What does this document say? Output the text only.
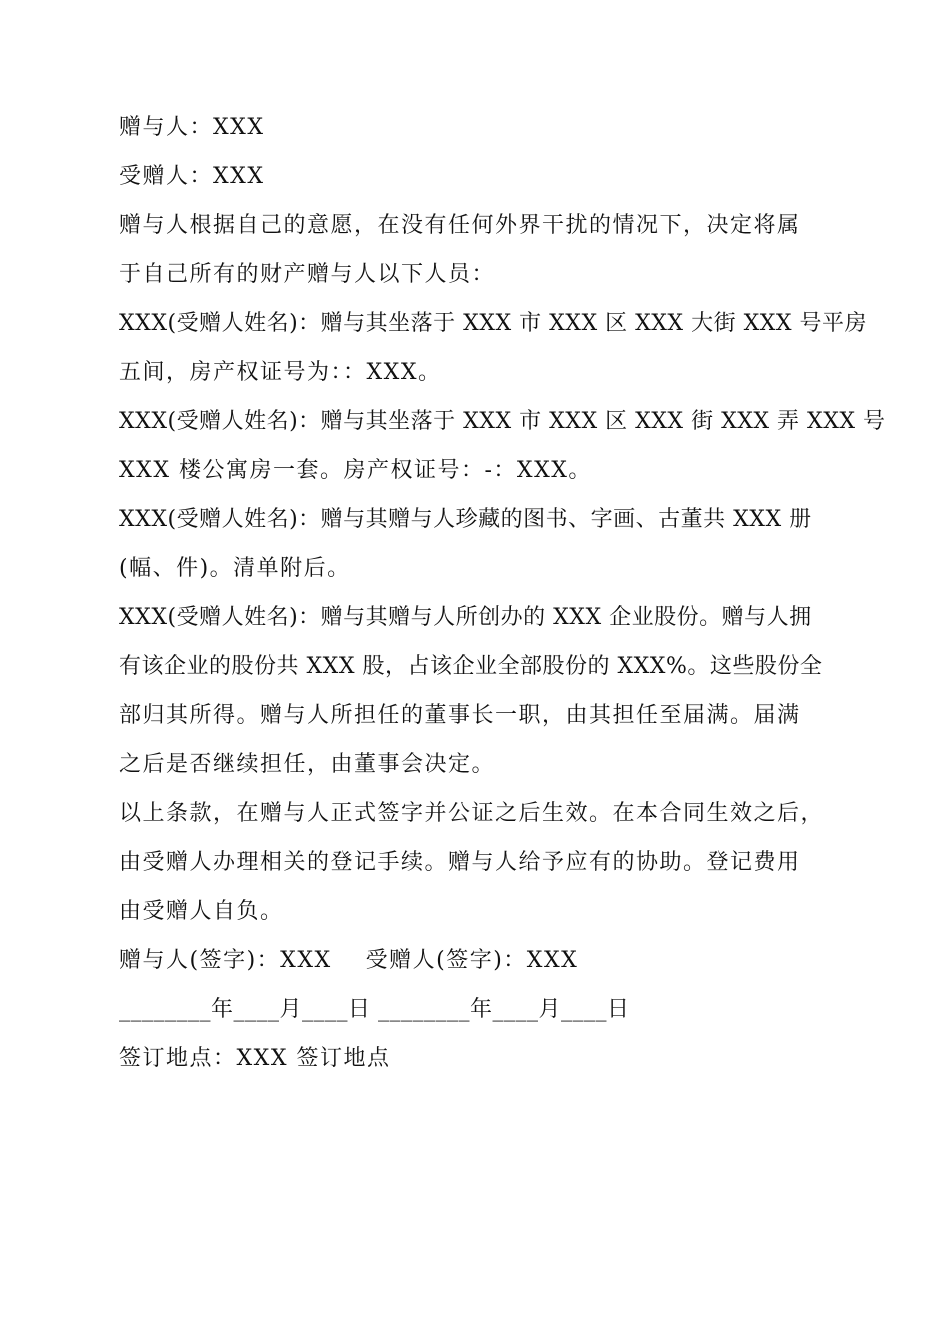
赠与人：XXX
受赠人：XXX
赠与人根据自己的意愿，在没有任何外界干扰的情况下，决定将属
于自己所有的财产赠与人以下人员：
XXX(受赠人姓名)：赠与其坐落于 XXX 市 XXX 区 XXX 大街 XXX 号平房
五间，房产权证号为：：XXX。
XXX(受赠人姓名)：赠与其坐落于 XXX 市 XXX 区 XXX 街 XXX 弄 XXX 号
XXX 楼公寓房一套。房产权证号：-：XXX。
XXX(受赠人姓名)：赠与其赠与人珍藏的图书、字画、古董共 XXX 册
(幅、件)。清单附后。
XXX(受赠人姓名)：赠与其赠与人所创办的 XXX 企业股份。赠与人拥
有该企业的股份共 XXX 股，占该企业全部股份的 XXX%。这些股份全
部归其所得。赠与人所担任的董事长一职，由其担任至届满。届满
之后是否继续担任，由董事会决定。
以上条款，在赠与人正式签字并公证之后生效。在本合同生效之后，
由受赠人办理相关的登记手续。赠与人给予应有的协助。登记费用
由受赠人自负。
赠与人(签字)：XXX    受赠人(签字)：XXX
________年____月____日 ________年____月____日
签订地点：XXX 签订地点
